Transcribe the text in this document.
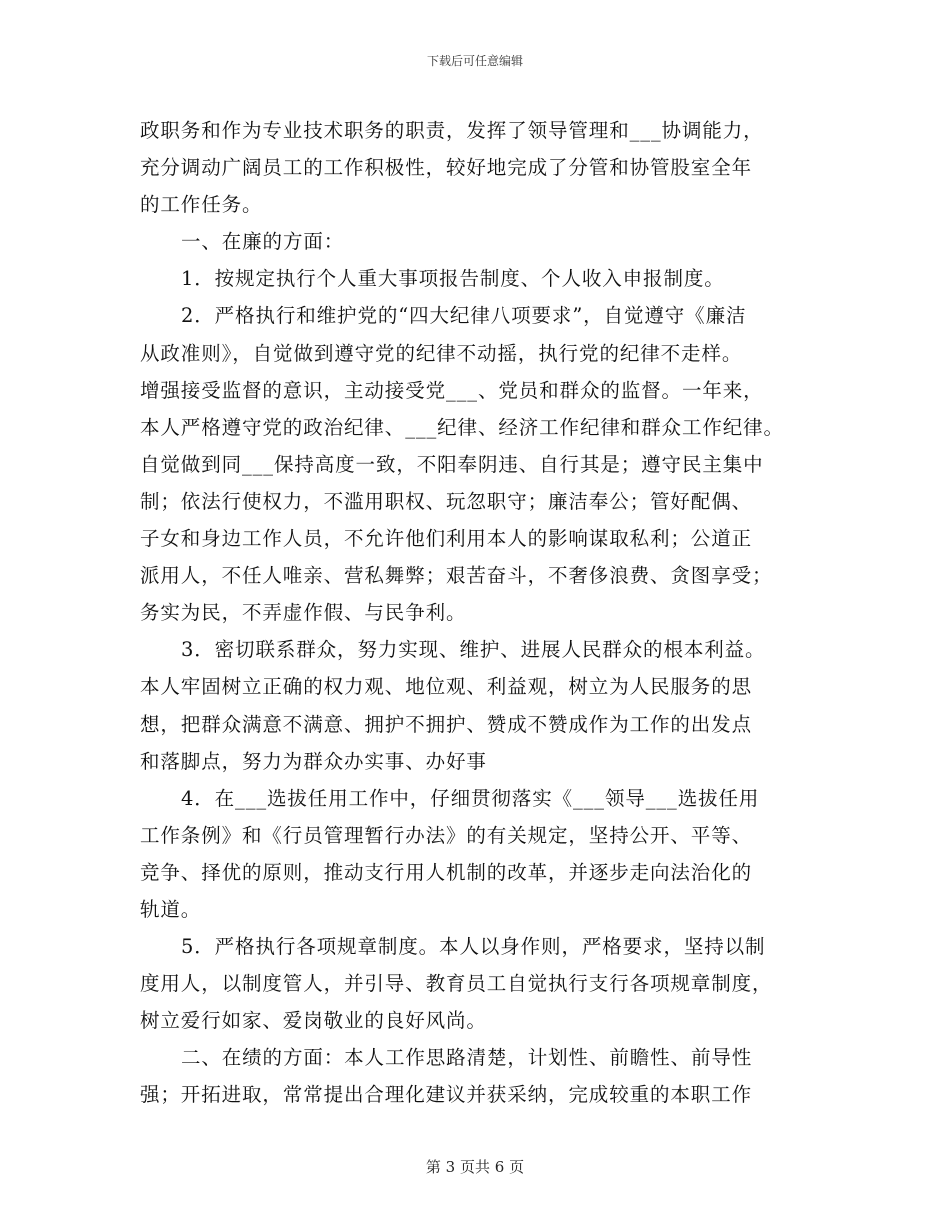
下载后可任意编辑
政职务和作为专业技术职务的职责，发挥了领导管理和___协调能力，
充分调动广阔员工的工作积极性，较好地完成了分管和协管股室全年
的工作任务。
一、在廉的方面：
1．按规定执行个人重大事项报告制度、个人收入申报制度。
2．严格执行和维护党的“四大纪律八项要求”，自觉遵守《廉洁
从政准则》，自觉做到遵守党的纪律不动摇，执行党的纪律不走样。
增强接受监督的意识，主动接受党___、党员和群众的监督。一年来，
本人严格遵守党的政治纪律、___纪律、经济工作纪律和群众工作纪律。
自觉做到同___保持高度一致，不阳奉阴违、自行其是；遵守民主集中
制；依法行使权力，不滥用职权、玩忽职守；廉洁奉公；管好配偶、
子女和身边工作人员，不允许他们利用本人的影响谋取私利；公道正
派用人，不任人唯亲、营私舞弊；艰苦奋斗，不奢侈浪费、贪图享受；
务实为民，不弄虚作假、与民争利。
3．密切联系群众，努力实现、维护、进展人民群众的根本利益。
本人牢固树立正确的权力观、地位观、利益观，树立为人民服务的思
想，把群众满意不满意、拥护不拥护、赞成不赞成作为工作的出发点
和落脚点，努力为群众办实事、办好事
4．在___选拔任用工作中，仔细贯彻落实《___领导___选拔任用
工作条例》和《行员管理暂行办法》的有关规定，坚持公开、平等、
竞争、择优的原则，推动支行用人机制的改革，并逐步走向法治化的
轨道。
5．严格执行各项规章制度。本人以身作则，严格要求，坚持以制
度用人，以制度管人，并引导、教育员工自觉执行支行各项规章制度，
树立爱行如家、爱岗敬业的良好风尚。
二、在绩的方面：本人工作思路清楚，计划性、前瞻性、前导性
强；开拓进取，常常提出合理化建议并获采纳，完成较重的本职工作
第 3 页共 6 页
